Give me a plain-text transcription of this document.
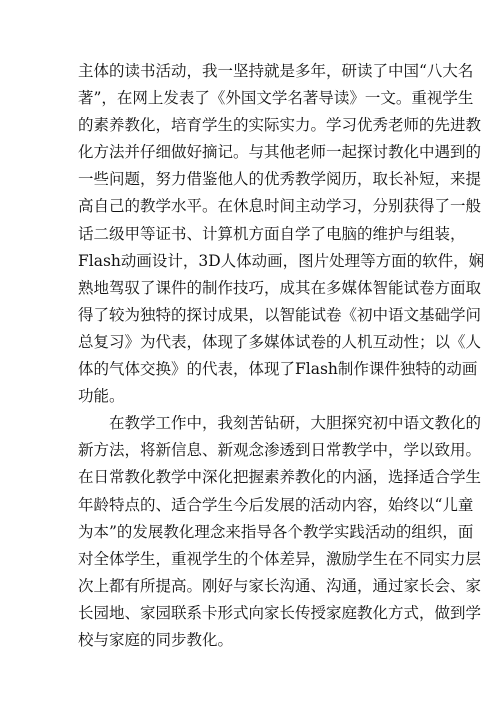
主体的读书活动，我一坚持就是多年，研读了中国“八大名
著”，在网上发表了《外国文学名著导读》一文。重视学生
的素养教化，培育学生的实际实力。学习优秀老师的先进教
化方法并仔细做好摘记。与其他老师一起探讨教化中遇到的
一些问题，努力借鉴他人的优秀教学阅历，取长补短，来提
高自己的教学水平。在休息时间主动学习，分别获得了一般
话二级甲等证书、计算机方面自学了电脑的维护与组装，
Flash动画设计，3D人体动画，图片处理等方面的软件，娴
熟地驾驭了课件的制作技巧，成其在多媒体智能试卷方面取
得了较为独特的探讨成果，以智能试卷《初中语文基础学问
总复习》为代表，体现了多媒体试卷的人机互动性；以《人
体的气体交换》的代表，体现了Flash制作课件独特的动画
功能。
在教学工作中，我刻苦钻研，大胆探究初中语文教化的
新方法，将新信息、新观念渗透到日常教学中，学以致用。
在日常教化教学中深化把握素养教化的内涵，选择适合学生
年龄特点的、适合学生今后发展的活动内容，始终以“儿童
为本”的发展教化理念来指导各个教学实践活动的组织，面
对全体学生，重视学生的个体差异，激励学生在不同实力层
次上都有所提高。刚好与家长沟通、沟通，通过家长会、家
长园地、家园联系卡形式向家长传授家庭教化方式，做到学
校与家庭的同步教化。
